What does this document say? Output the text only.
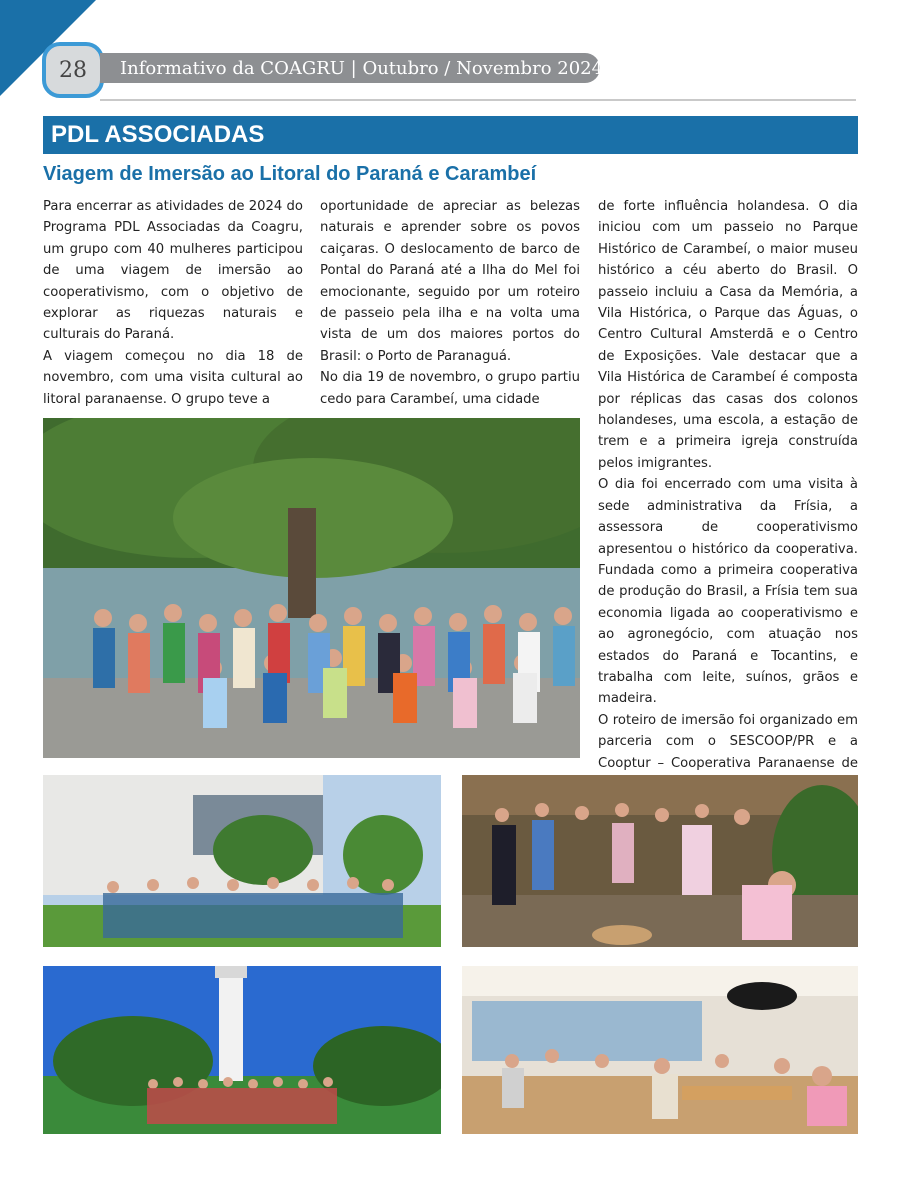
28 Informativo da COAGRU | Outubro / Novembro 2024
PDL ASSOCIADAS
Viagem de Imersão ao Litoral do Paraná e Carambeí

Para encerrar as atividades de 2024 do Programa PDL Associadas da Coagru, um grupo com 40 mulheres participou de uma viagem de imersão ao cooperativismo, com o objetivo de explorar as riquezas naturais e culturais do Paraná.

A viagem começou no dia 18 de novembro, com uma visita cultural ao litoral paranaense. O grupo teve a

oportunidade de apreciar as belezas naturais e aprender sobre os povos caiçaras. O deslocamento de barco de Pontal do Paraná até a Ilha do Mel foi emocionante, seguido por um roteiro de passeio pela ilha e na volta uma vista de um dos maiores portos do Brasil: o Porto de Paranaguá.

No dia 19 de novembro, o grupo partiu cedo para Carambeí, uma cidade

de forte influência holandesa. O dia iniciou com um passeio no Parque Histórico de Carambeí, o maior museu histórico a céu aberto do Brasil. O passeio incluiu a Casa da Memória, a Vila Histórica, o Parque das Águas, o Centro Cultural Amsterdã e o Centro de Exposições. Vale destacar que a Vila Histórica de Carambeí é composta por réplicas das casas dos colonos holandeses, uma escola, a estação de trem e a primeira igreja construída pelos imigrantes.

O dia foi encerrado com uma visita à sede administrativa da Frísia, a assessora de cooperativismo apresentou o histórico da cooperativa. Fundada como a primeira cooperativa de produção do Brasil, a Frísia tem sua economia ligada ao cooperativismo e ao agronegócio, com atuação nos estados do Paraná e Tocantins, e trabalha com leite, suínos, grãos e madeira.

O roteiro de imersão foi organizado em parceria com o SESCOOP/PR e a Cooptur – Cooperativa Paranaense de
